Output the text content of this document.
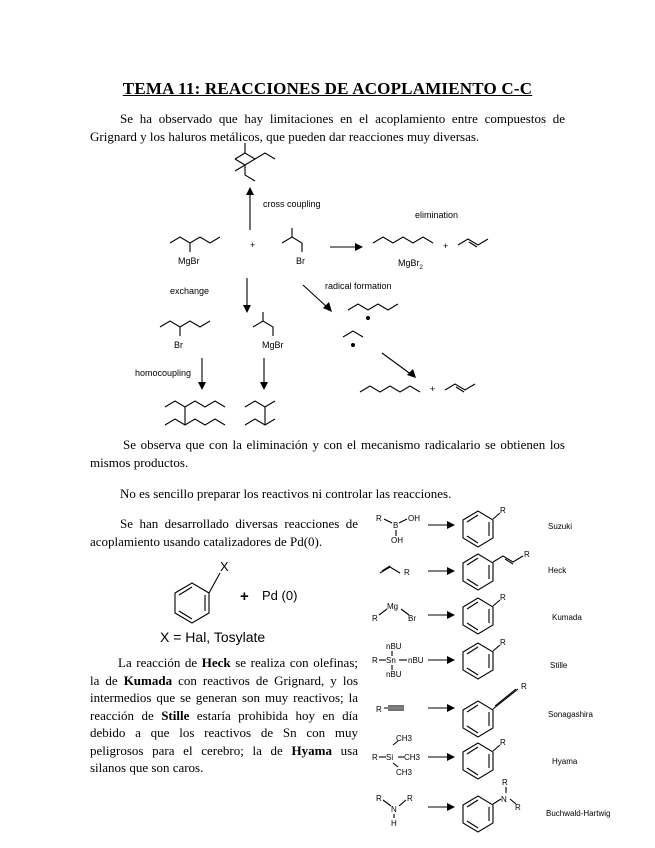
TEMA 11: REACCIONES DE ACOPLAMIENTO C-C
Se ha observado que hay limitaciones en el acoplamiento entre compuestos de Grignard y los haluros metálicos, que pueden dar reacciones muy diversas.
cross coupling
MgBr
+
Br
elimination
MgBr$_2$
+
exchange	radical formation
+
Br	MgBr
homocoupling
Se observa que con la eliminación y con el mecanismo radicalario se obtienen los mismos productos.
No es sencillo preparar los reactivos ni controlar las reacciones.
Se han desarrollado diversas reacciones de acoplamiento usando catalizadores de Pd(0).
X
+ Pd (0)
X = Hal, Tosylate
La reacción de Heck se realiza con olefinas; la de Kumada con reactivos de Grignard, y los intermedios que se generan son muy reactivos; la reacción de Stille estaría prohibida hoy en día debido a que los reactivos de Sn con muy peligrosos para el cerebro; la de Hyama usa silanos que son caros.
R
B
OH
OH
R
Suzuki
R
R
Heck
R
Mg
Br
R
Kumada
nBU
R Sn nBU
nBU
R
Stille
R
R
Sonagashira
CH3
R Si CH3
CH3
R
Hyama
R
N
R
H
N
R
R
Buchwald-Hartwig
